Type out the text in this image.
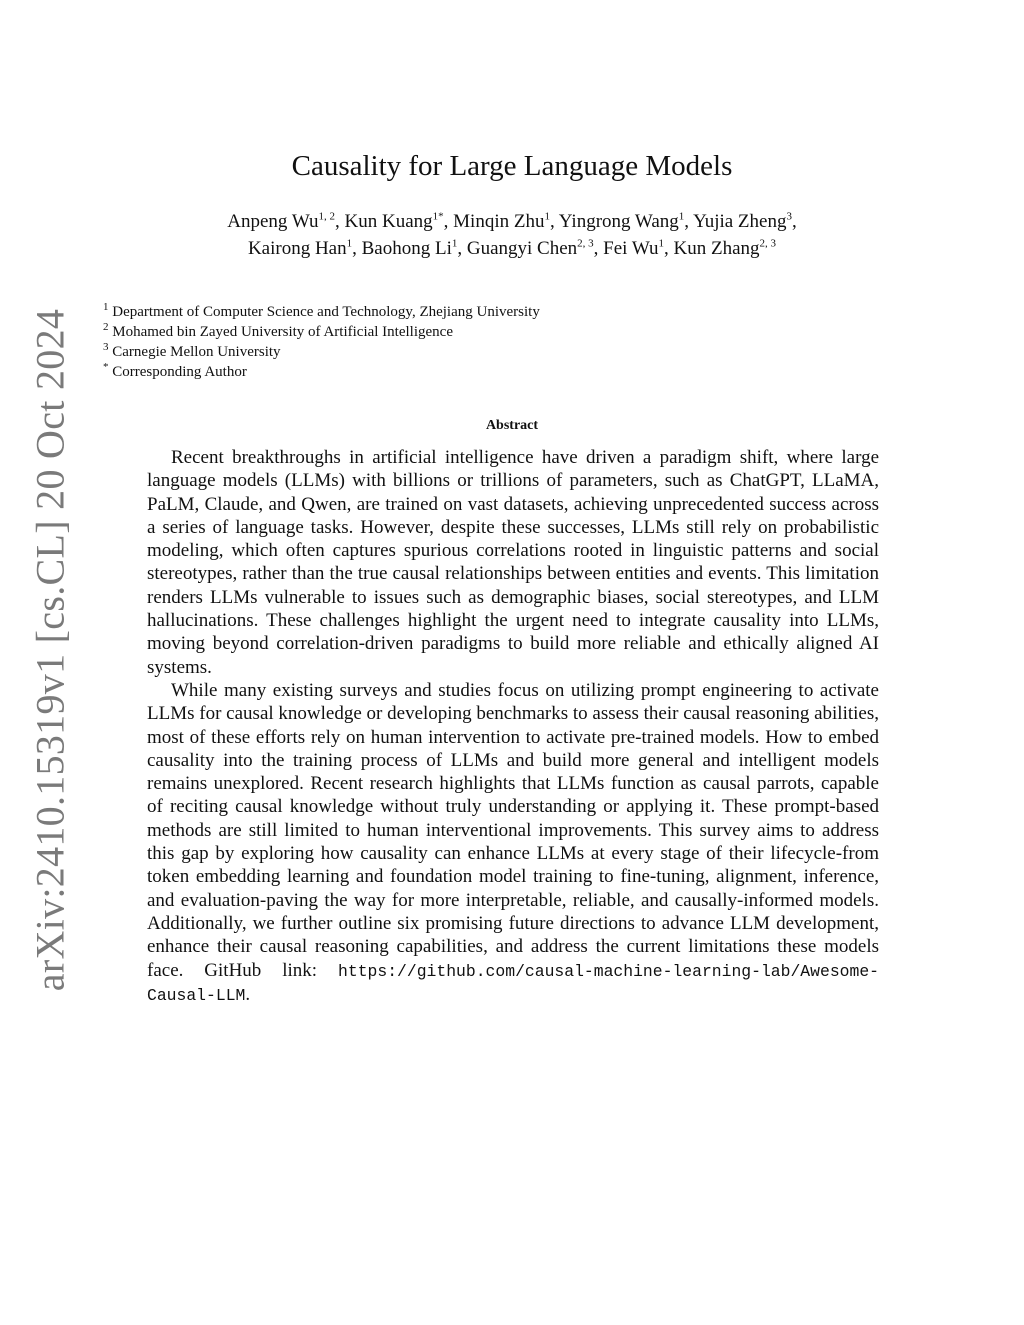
arXiv:2410.15319v1 [cs.CL] 20 Oct 2024
Causality for Large Language Models
Anpeng Wu$^{1, 2}$, Kun Kuang$^{1*}$, Minqin Zhu$^1$, Yingrong Wang$^1$, Yujia Zheng$^3$,
Kairong Han$^1$, Baohong Li$^1$, Guangyi Chen$^{2, 3}$, Fei Wu$^1$, Kun Zhang$^{2, 3}$
$^1$ Department of Computer Science and Technology, Zhejiang University
$^2$ Mohamed bin Zayed University of Artificial Intelligence
$^3$ Carnegie Mellon University
* Corresponding Author
Abstract

Recent breakthroughs in artificial intelligence have driven a paradigm shift, where large language models (LLMs) with billions or trillions of parameters, such as ChatGPT, LLaMA, PaLM, Claude, and Qwen, are trained on vast datasets, achieving unprecedented success across a series of language tasks. However, despite these successes, LLMs still rely on probabilistic modeling, which often captures spurious correlations rooted in linguistic patterns and social stereotypes, rather than the true causal relationships between entities and events. This limitation renders LLMs vulnerable to issues such as demographic biases, social stereotypes, and LLM hallucinations. These challenges highlight the urgent need to integrate causality into LLMs, moving beyond correlation-driven paradigms to build more reliable and ethically aligned AI systems.

While many existing surveys and studies focus on utilizing prompt engineering to activate LLMs for causal knowledge or developing benchmarks to assess their causal reasoning abilities, most of these efforts rely on human intervention to activate pre-trained models. How to embed causality into the training process of LLMs and build more general and intelligent models remains unexplored. Recent research highlights that LLMs function as causal parrots, capable of reciting causal knowledge without truly understanding or applying it. These prompt-based methods are still limited to human interventional improvements. This survey aims to address this gap by exploring how causality can enhance LLMs at every stage of their lifecycle-from token embedding learning and foundation model training to fine-tuning, alignment, inference, and evaluation-paving the way for more interpretable, reliable, and causally-informed models. Additionally, we further outline six promising future directions to advance LLM development, enhance their causal reasoning capabilities, and address the current limitations these models face. GitHub link: https://github.com/causal-machine-learning-lab/Awesome-Causal-LLM.
